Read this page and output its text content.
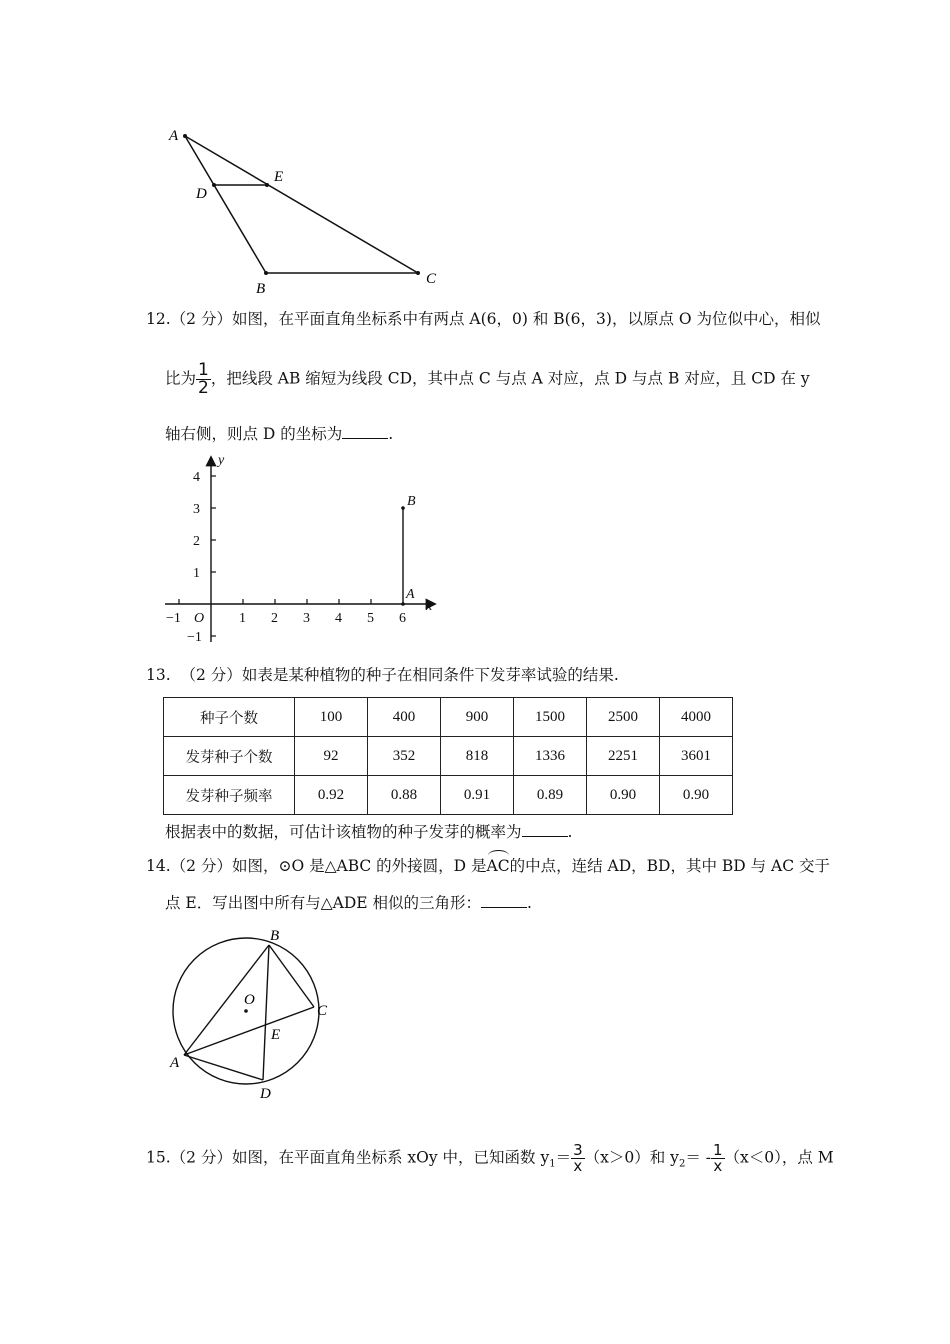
A
D
E
B
C
12.（2 分）如图，在平面直角坐标系中有两点 A(6，0) 和 B(6，3)，以原点 O 为位似中心，相似
比为 $\frac{1}{2}$ ，把线段 AB 缩短为线段 CD，其中点 C 与点 A 对应，点 D 与点 B 对应，且 CD 在 y
轴右侧，则点 D 的坐标为	.
y
x
O
−1	1 2 3 4 5 6
4
3
2
1
−1
B
A
13. （2 分）如表是某种植物的种子在相同条件下发芽率试验的结果.
种子个数	100	400	900	1500	2500	4000
发芽种子个数	92	352	818	1336	2251	3601
发芽种子频率	0.92	0.88	0.91	0.89	0.90	0.90
根据表中的数据，可估计该植物的种子发芽的概率为	.
14.（2 分）如图，⊙O 是△ABC 的外接圆，D 是AC的中点，连结 AD，BD，其中 BD 与 AC 交于
点 E．写出图中所有与△ADE 相似的三角形：	.
B
O
C
E
A
D
15.（2 分）如图，在平面直角坐标系 xOy 中，已知函数 $y_1= \frac{3}{x} (x>0)$和 $y_2= - \frac{1}{x} (x<0)$，点 M
